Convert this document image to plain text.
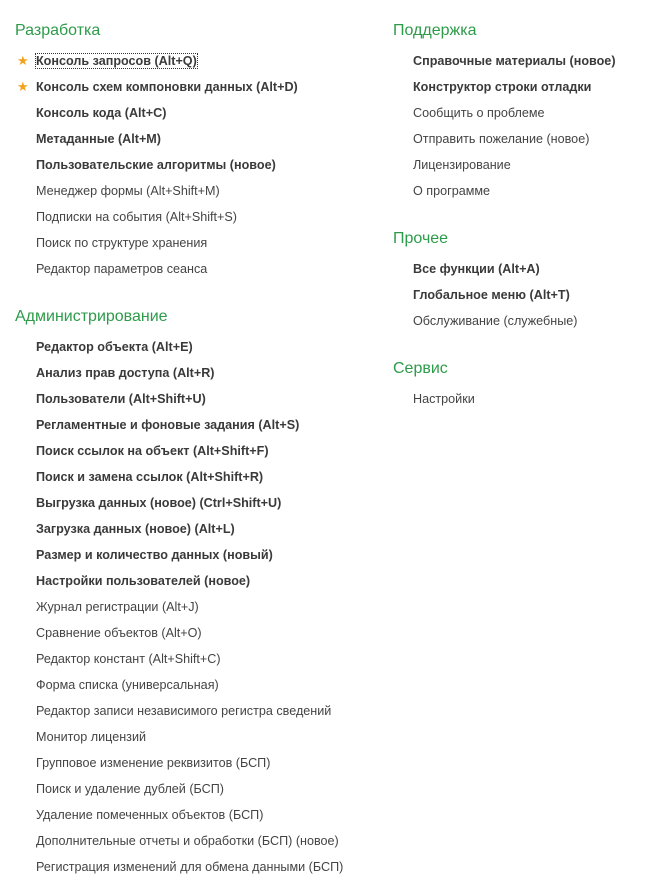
Разработка
★ Консоль запросов (Alt+Q)
★ Консоль схем компоновки данных (Alt+D)
Консоль кода (Alt+C)
Метаданные (Alt+M)
Пользовательские алгоритмы (новое)
Менеджер формы (Alt+Shift+M)
Подписки на события (Alt+Shift+S)
Поиск по структуре хранения
Редактор параметров сеанса
Администрирование
Редактор объекта (Alt+E)
Анализ прав доступа (Alt+R)
Пользователи (Alt+Shift+U)
Регламентные и фоновые задания (Alt+S)
Поиск ссылок на объект (Alt+Shift+F)
Поиск и замена ссылок (Alt+Shift+R)
Выгрузка данных (новое) (Ctrl+Shift+U)
Загрузка данных (новое) (Alt+L)
Размер и количество данных (новый)
Настройки пользователей (новое)
Журнал регистрации (Alt+J)
Сравнение объектов (Alt+O)
Редактор констант (Alt+Shift+C)
Форма списка (универсальная)
Редактор записи независимого регистра сведений
Монитор лицензий
Групповое изменение реквизитов (БСП)
Поиск и удаление дублей (БСП)
Удаление помеченных объектов (БСП)
Дополнительные отчеты и обработки (БСП) (новое)
Регистрация изменений для обмена данными (БСП)
Поддержка
Справочные материалы (новое)
Конструктор строки отладки
Сообщить о проблеме
Отправить пожелание (новое)
Лицензирование
О программе
Прочее
Все функции (Alt+A)
Глобальное меню (Alt+T)
Обслуживание (служебные)
Сервис
Настройки
